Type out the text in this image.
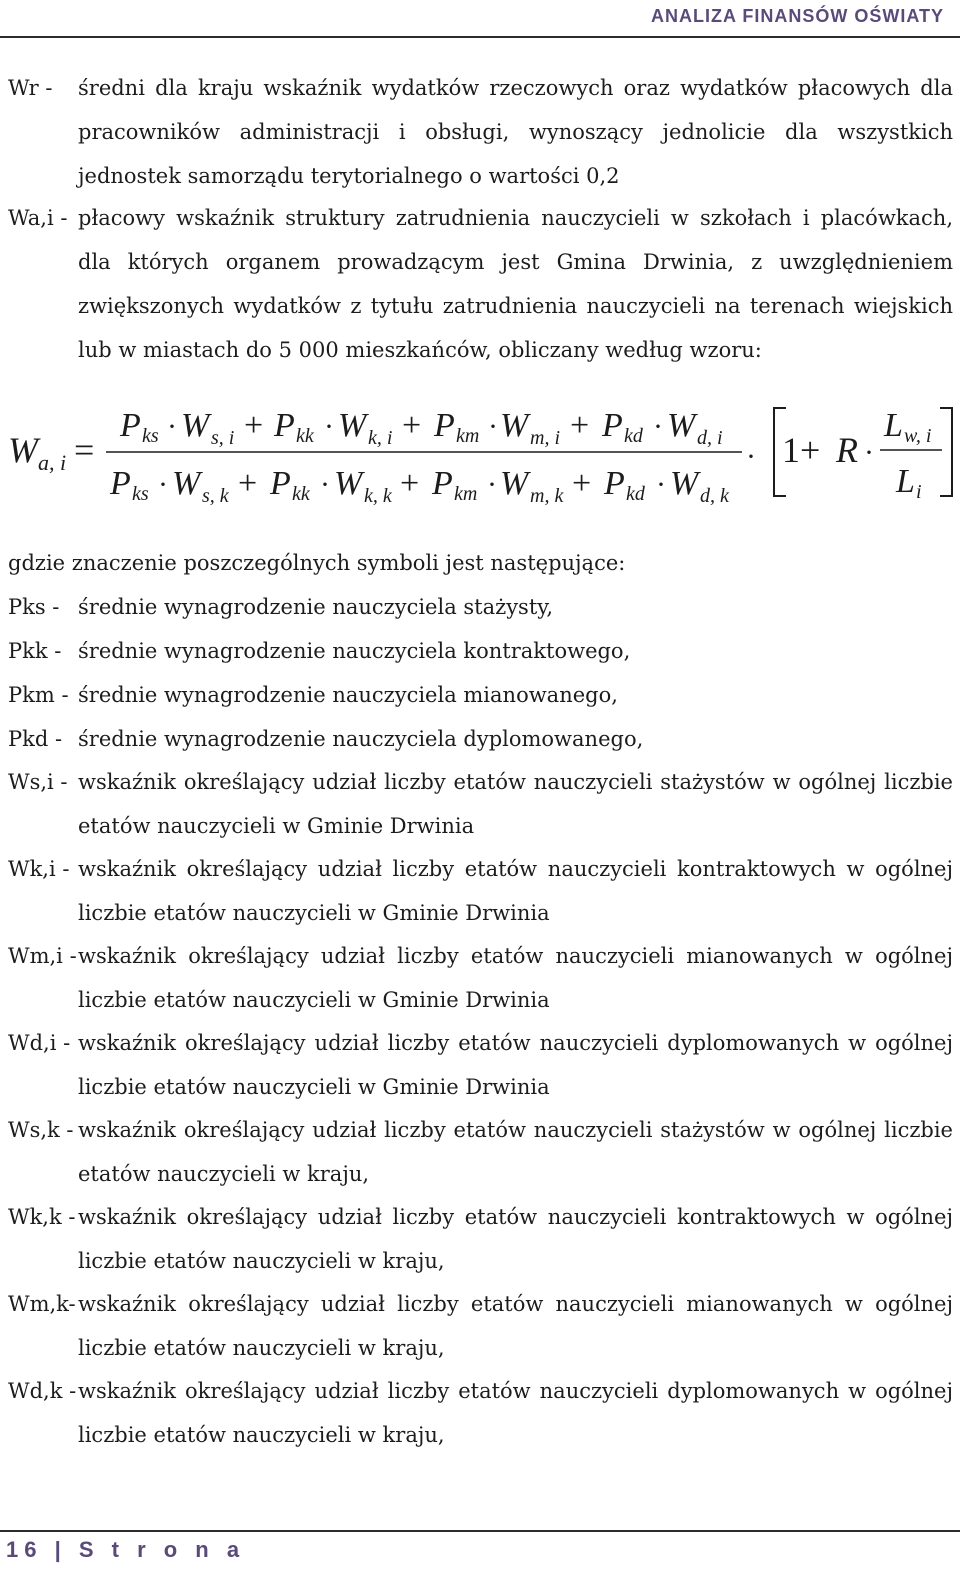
ANALIZA FINANSÓW OŚWIATY
Wr - średni dla kraju wskaźnik wydatków rzeczowych oraz wydatków płacowych dla
pracowników administracji i obsługi, wynoszący jednolicie dla wszystkich
jednostek samorządu terytorialnego o wartości 0,2
Wa,i - płacowy wskaźnik struktury zatrudnienia nauczycieli w szkołach i placówkach,
dla których organem prowadzącym jest Gmina Drwinia, z uwzględnieniem
zwiększonych wydatków z tytułu zatrudnienia nauczycieli na terenach wiejskich
lub w miastach do 5 000 mieszkańców, obliczany według wzoru:
W a, i =
P ks · W s, i + P kk · W k, i + P km · W m, i + P kd · W d, i
P ks · W s, k + P kk · W k, k + P km · W m, k + P kd · W d, k
· 1 + R ·
L w, i
L i
gdzie znaczenie poszczególnych symboli jest następujące:
Pks - średnie wynagrodzenie nauczyciela stażysty,
Pkk - średnie wynagrodzenie nauczyciela kontraktowego,
Pkm - średnie wynagrodzenie nauczyciela mianowanego,
Pkd - średnie wynagrodzenie nauczyciela dyplomowanego,
Ws,i - wskaźnik określający udział liczby etatów nauczycieli stażystów w ogólnej liczbie
etatów nauczycieli w Gminie Drwinia
Wk,i - wskaźnik określający udział liczby etatów nauczycieli kontraktowych w ogólnej
liczbie etatów nauczycieli w Gminie Drwinia
Wm,i - wskaźnik określający udział liczby etatów nauczycieli mianowanych w ogólnej
liczbie etatów nauczycieli w Gminie Drwinia
Wd,i - wskaźnik określający udział liczby etatów nauczycieli dyplomowanych w ogólnej
liczbie etatów nauczycieli w Gminie Drwinia
Ws,k - wskaźnik określający udział liczby etatów nauczycieli stażystów w ogólnej liczbie
etatów nauczycieli w kraju,
Wk,k - wskaźnik określający udział liczby etatów nauczycieli kontraktowych w ogólnej
liczbie etatów nauczycieli w kraju,
Wm,k- wskaźnik określający udział liczby etatów nauczycieli mianowanych w ogólnej
liczbie etatów nauczycieli w kraju,
Wd,k - wskaźnik określający udział liczby etatów nauczycieli dyplomowanych w ogólnej
liczbie etatów nauczycieli w kraju,
16 | S t r o n a
